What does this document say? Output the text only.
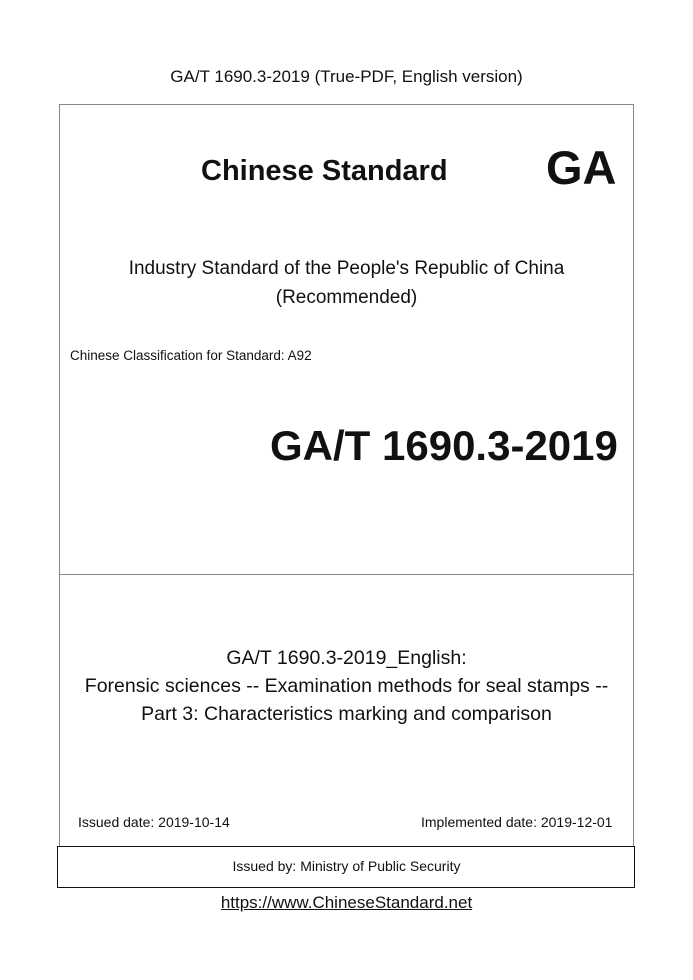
GA/T 1690.3-2019 (True-PDF, English version)
Chinese Standard GA
Industry Standard of the People's Republic of China
(Recommended)
Chinese Classification for Standard: A92
GA/T 1690.3-2019
GA/T 1690.3-2019_English:
Forensic sciences -- Examination methods for seal stamps --
Part 3: Characteristics marking and comparison
Issued date: 2019-10-14	Implemented date: 2019-12-01
Issued by: Ministry of Public Security
https://www.ChineseStandard.net
